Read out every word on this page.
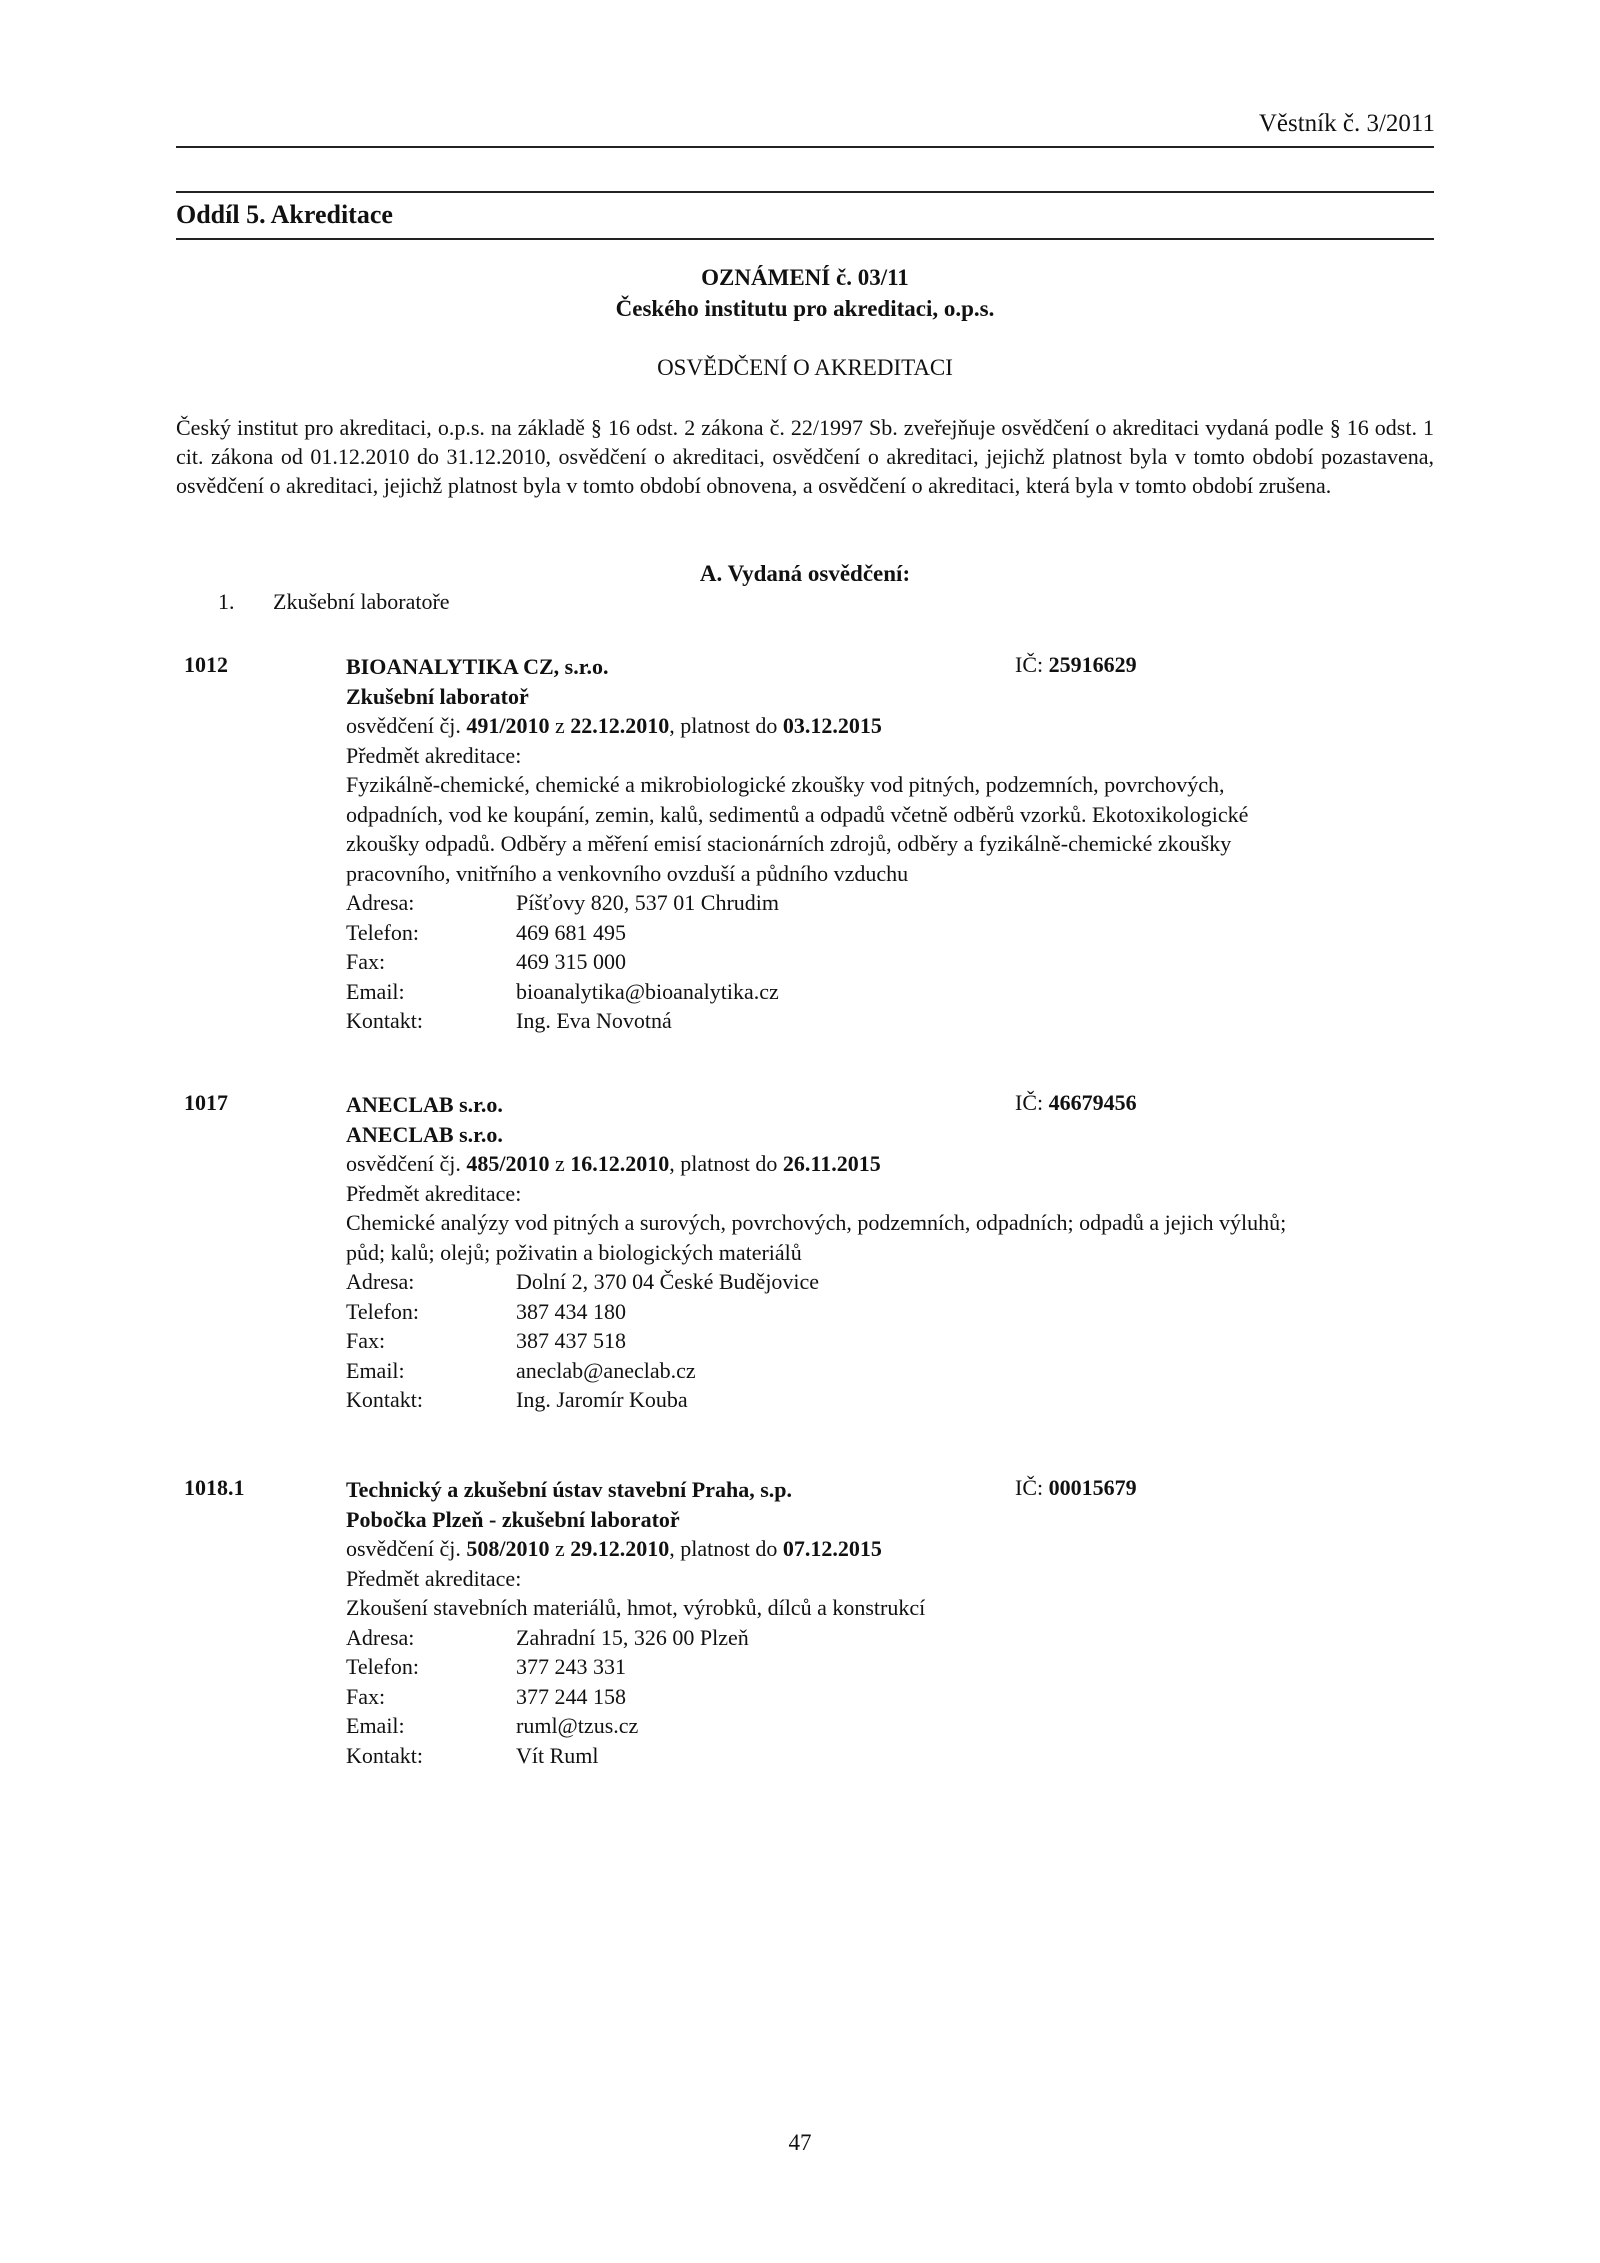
Věstník č. 3/2011
Oddíl 5. Akreditace
OZNÁMENÍ č. 03/11
Českého institutu pro akreditaci, o.p.s.
OSVĚDČENÍ O AKREDITACI
Český institut pro akreditaci, o.p.s. na základě § 16 odst. 2 zákona č. 22/1997 Sb. zveřejňuje osvědčení o akreditaci vydaná podle § 16 odst. 1 cit. zákona od 01.12.2010 do 31.12.2010, osvědčení o akreditaci, osvědčení o akreditaci, jejichž platnost byla v tomto období pozastavena, osvědčení o akreditaci, jejichž platnost byla v tomto období obnovena, a osvědčení o akreditaci, která byla v tomto období zrušena.
A. Vydaná osvědčení:
1. Zkušební laboratoře
1012	IČ: 25916629
BIOANALYTIKA CZ, s.r.o.
Zkušební laboratoř
osvědčení čj. 491/2010 z 22.12.2010, platnost do 03.12.2015
Předmět akreditace:
Fyzikálně-chemické, chemické a mikrobiologické zkoušky vod pitných, podzemních, povrchových,
odpadních, vod ke koupání, zemin, kalů, sedimentů a odpadů včetně odběrů vzorků. Ekotoxikologické
zkoušky odpadů. Odběry a měření emisí stacionárních zdrojů, odběry a fyzikálně-chemické zkoušky
pracovního, vnitřního a venkovního ovzduší a půdního vzduchu
Adresa:	Píšťovy 820, 537 01 Chrudim
Telefon:	469 681 495
Fax:	469 315 000
Email:	bioanalytika@bioanalytika.cz
Kontakt:	Ing. Eva Novotná
1017	IČ: 46679456
ANECLAB s.r.o.
ANECLAB s.r.o.
osvědčení čj. 485/2010 z 16.12.2010, platnost do 26.11.2015
Předmět akreditace:
Chemické analýzy vod pitných a surových, povrchových, podzemních, odpadních; odpadů a jejich výluhů;
půd; kalů; olejů; poživatin a biologických materiálů
Adresa:	Dolní 2, 370 04 České Budějovice
Telefon:	387 434 180
Fax:	387 437 518
Email:	aneclab@aneclab.cz
Kontakt:	Ing. Jaromír Kouba
1018.1	IČ: 00015679
Technický a zkušební ústav stavební Praha, s.p.
Pobočka Plzeň - zkušební laboratoř
osvědčení čj. 508/2010 z 29.12.2010, platnost do 07.12.2015
Předmět akreditace:
Zkoušení stavebních materiálů, hmot, výrobků, dílců a konstrukcí
Adresa:	Zahradní 15, 326 00 Plzeň
Telefon:	377 243 331
Fax:	377 244 158
Email:	ruml@tzus.cz
Kontakt:	Vít Ruml
47
